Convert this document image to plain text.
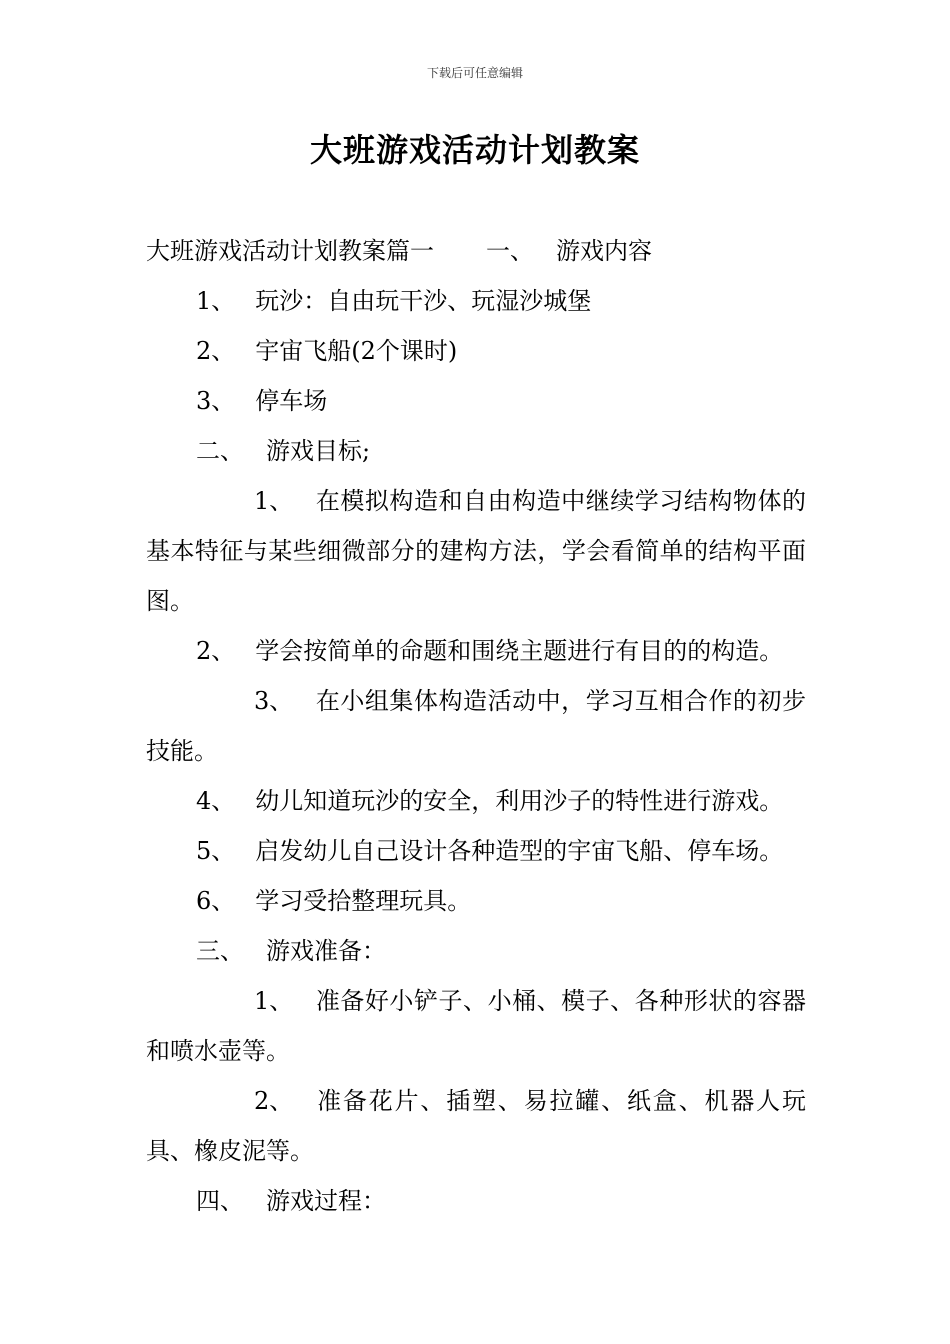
下载后可任意编辑
大班游戏活动计划教案
大班游戏活动计划教案篇一 一、 游戏内容
1、 玩沙：自由玩干沙、玩湿沙城堡
2、 宇宙飞船(2个课时)
3、 停车场
二、 游戏目标;
1、 在模拟构造和自由构造中继续学习结构物体的基本特征与某些细微部分的建构方法，学会看简单的结构平面图。
2、 学会按简单的命题和围绕主题进行有目的的构造。
3、 在小组集体构造活动中，学习互相合作的初步技能。
4、 幼儿知道玩沙的安全，利用沙子的特性进行游戏。
5、 启发幼儿自己设计各种造型的宇宙飞船、停车场。
6、 学习受拾整理玩具。
三、 游戏准备：
1、 准备好小铲子、小桶、模子、各种形状的容器和喷水壶等。
2、 准备花片、插塑、易拉罐、纸盒、机器人玩具、橡皮泥等。
四、 游戏过程：
